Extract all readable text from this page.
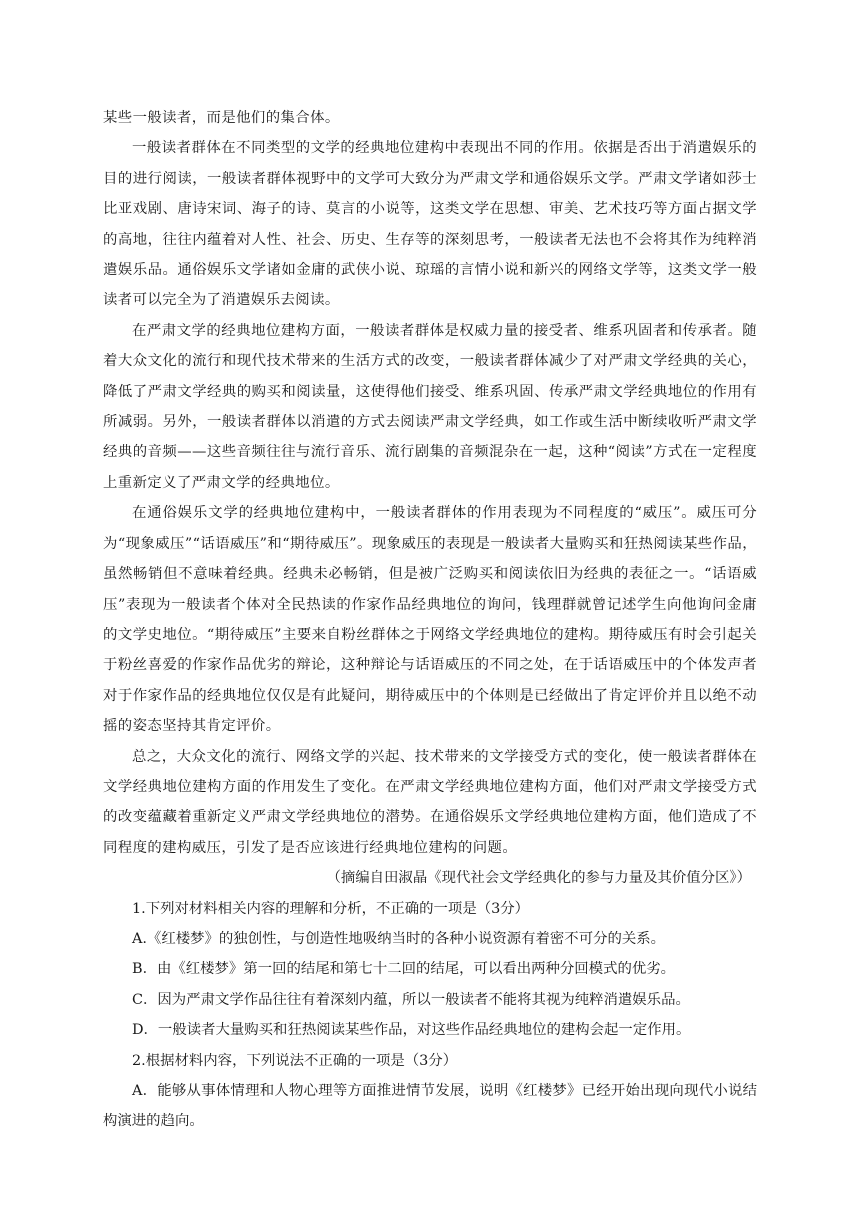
某些一般读者，而是他们的集合体。

一般读者群体在不同类型的文学的经典地位建构中表现出不同的作用。依据是否出于消遣娱乐的目的进行阅读，一般读者群体视野中的文学可大致分为严肃文学和通俗娱乐文学。严肃文学诸如莎士比亚戏剧、唐诗宋词、海子的诗、莫言的小说等，这类文学在思想、审美、艺术技巧等方面占据文学的高地，往往内蕴着对人性、社会、历史、生存等的深刻思考，一般读者无法也不会将其作为纯粹消遣娱乐品。通俗娱乐文学诸如金庸的武侠小说、琼瑶的言情小说和新兴的网络文学等，这类文学一般读者可以完全为了消遣娱乐去阅读。

在严肃文学的经典地位建构方面，一般读者群体是权威力量的接受者、维系巩固者和传承者。随着大众文化的流行和现代技术带来的生活方式的改变，一般读者群体减少了对严肃文学经典的关心，降低了严肃文学经典的购买和阅读量，这使得他们接受、维系巩固、传承严肃文学经典地位的作用有所减弱。另外，一般读者群体以消遣的方式去阅读严肃文学经典，如工作或生活中断续收听严肃文学经典的音频——这些音频往往与流行音乐、流行剧集的音频混杂在一起，这种“阅读”方式在一定程度上重新定义了严肃文学的经典地位。

在通俗娱乐文学的经典地位建构中，一般读者群体的作用表现为不同程度的“威压”。威压可分为“现象威压”“话语威压”和“期待威压”。现象威压的表现是一般读者大量购买和狂热阅读某些作品，虽然畅销但不意味着经典。经典未必畅销，但是被广泛购买和阅读依旧为经典的表征之一。“话语威压”表现为一般读者个体对全民热读的作家作品经典地位的询问，钱理群就曾记述学生向他询问金庸的文学史地位。“期待威压”主要来自粉丝群体之于网络文学经典地位的建构。期待威压有时会引起关于粉丝喜爱的作家作品优劣的辩论，这种辩论与话语威压的不同之处，在于话语威压中的个体发声者对于作家作品的经典地位仅仅是有此疑问，期待威压中的个体则是已经做出了肯定评价并且以绝不动摇的姿态坚持其肯定评价。

总之，大众文化的流行、网络文学的兴起、技术带来的文学接受方式的变化，使一般读者群体在文学经典地位建构方面的作用发生了变化。在严肃文学经典地位建构方面，他们对严肃文学接受方式的改变蕴藏着重新定义严肃文学经典地位的潜势。在通俗娱乐文学经典地位建构方面，他们造成了不同程度的建构威压，引发了是否应该进行经典地位建构的问题。

（摘编自田淑晶《现代社会文学经典化的参与力量及其价值分区》）

1.下列对材料相关内容的理解和分析，不正确的一项是（3分）

A.《红楼梦》的独创性，与创造性地吸纳当时的各种小说资源有着密不可分的关系。

B．由《红楼梦》第一回的结尾和第七十二回的结尾，可以看出两种分回模式的优劣。

C．因为严肃文学作品往往有着深刻内蕴，所以一般读者不能将其视为纯粹消遣娱乐品。

D．一般读者大量购买和狂热阅读某些作品，对这些作品经典地位的建构会起一定作用。

2.根据材料内容，下列说法不正确的一项是（3分）

A．能够从事体情理和人物心理等方面推进情节发展，说明《红楼梦》已经开始出现向现代小说结构演进的趋向。
